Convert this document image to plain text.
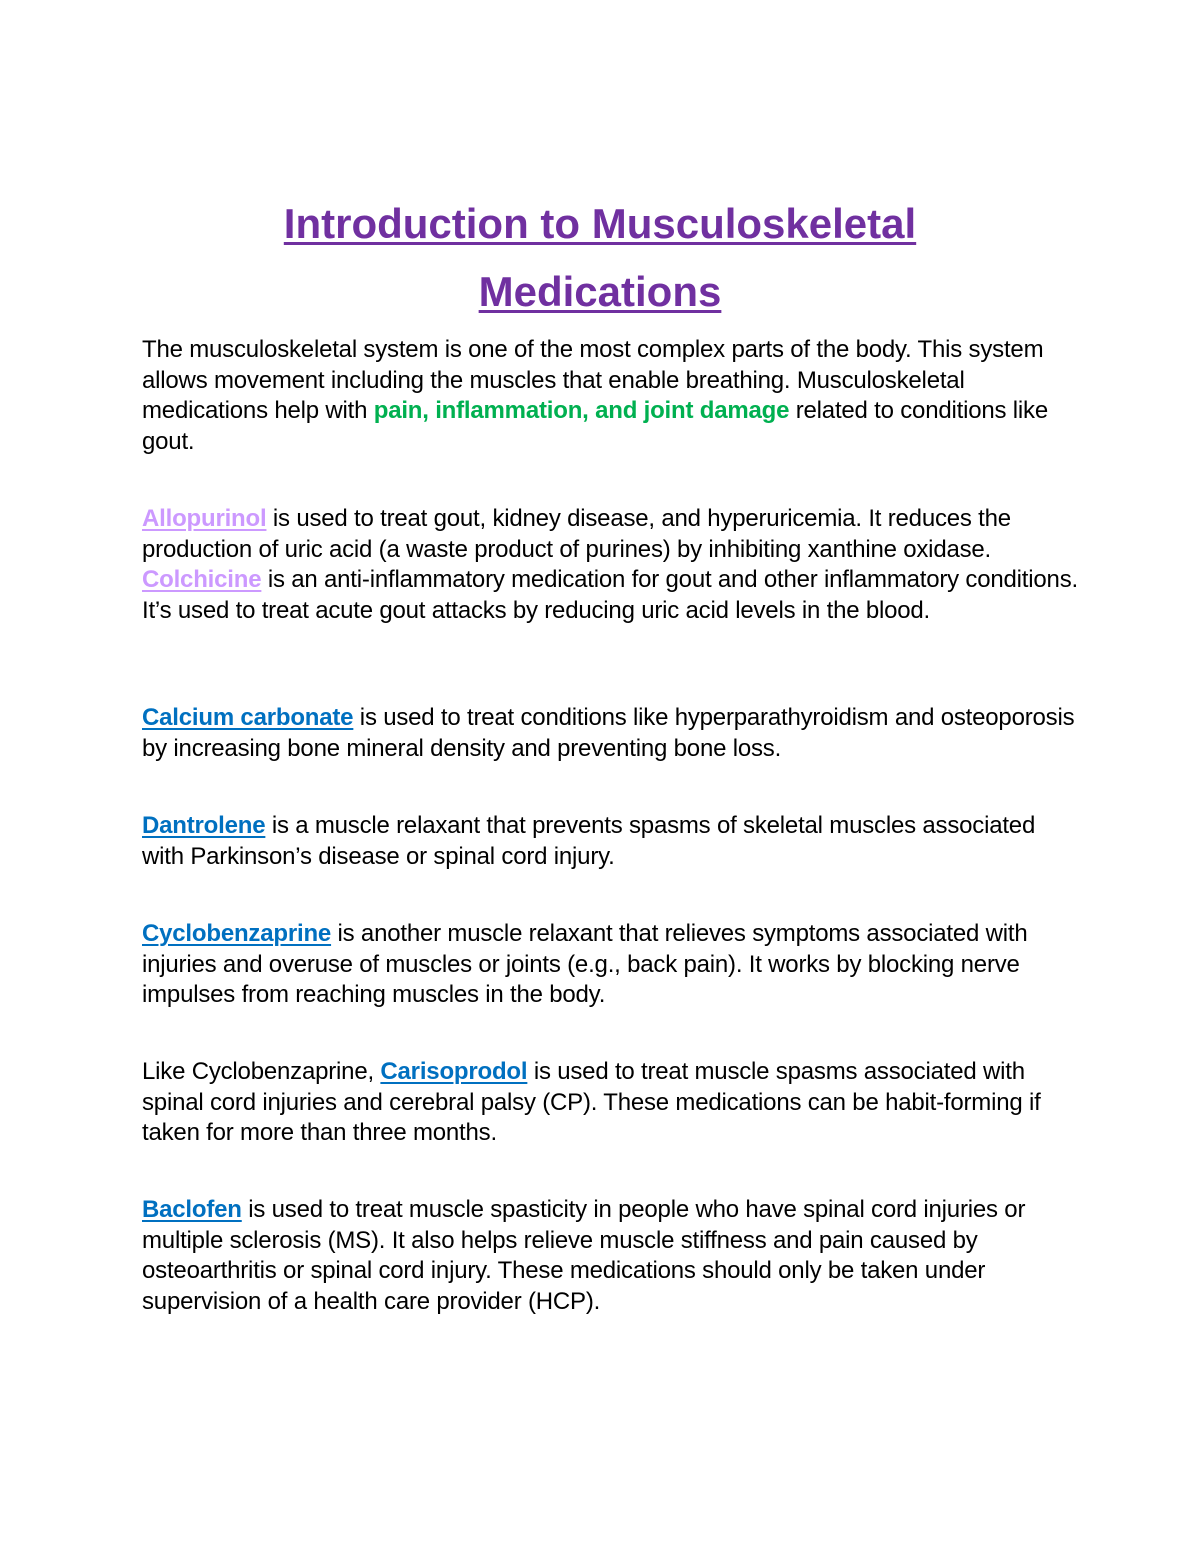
Introduction to Musculoskeletal
Medications

The musculoskeletal system is one of the most complex parts of the body. This system allows movement including the muscles that enable breathing. Musculoskeletal medications help with pain, inflammation, and joint damage related to conditions like gout.

Allopurinol is used to treat gout, kidney disease, and hyperuricemia. It reduces the production of uric acid (a waste product of purines) by inhibiting xanthine oxidase. Colchicine is an anti-inflammatory medication for gout and other inflammatory conditions. It’s used to treat acute gout attacks by reducing uric acid levels in the blood.

Calcium carbonate is used to treat conditions like hyperparathyroidism and osteoporosis by increasing bone mineral density and preventing bone loss.

Dantrolene is a muscle relaxant that prevents spasms of skeletal muscles associated with Parkinson’s disease or spinal cord injury.

Cyclobenzaprine is another muscle relaxant that relieves symptoms associated with injuries and overuse of muscles or joints (e.g., back pain). It works by blocking nerve impulses from reaching muscles in the body.

Like Cyclobenzaprine, Carisoprodol is used to treat muscle spasms associated with spinal cord injuries and cerebral palsy (CP). These medications can be habit-forming if taken for more than three months.

Baclofen is used to treat muscle spasticity in people who have spinal cord injuries or multiple sclerosis (MS). It also helps relieve muscle stiffness and pain caused by osteoarthritis or spinal cord injury. These medications should only be taken under supervision of a health care provider (HCP).
